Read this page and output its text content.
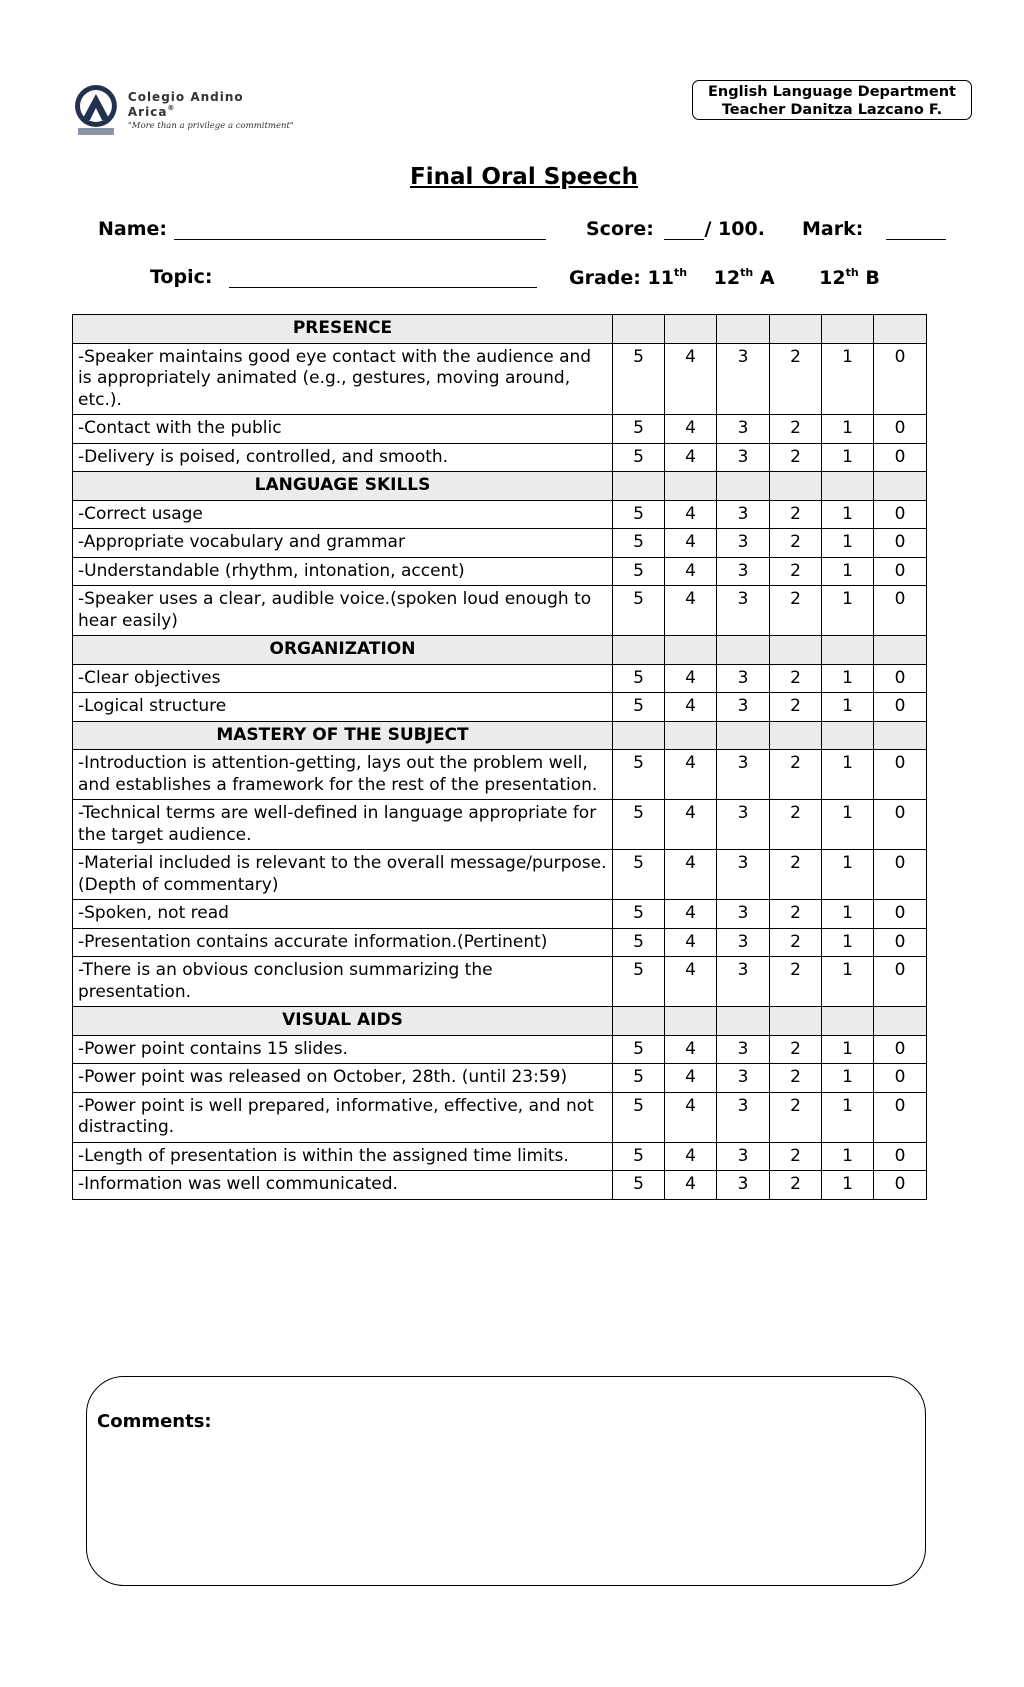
Colegio Andino Arica®
"More than a privilege a commitment"
English Language Department
Teacher Danitza Lazcano F.
Final Oral Speech
Name:	Score:	/ 100. Mark:
Topic:	Grade: 11th 12th A 12th B
PRESENCE						
-Speaker maintains good eye contact with the audience and is appropriately animated (e.g., gestures, moving around, etc.).	5	4	3	2	1	0
-Contact with the public	5	4	3	2	1	0
-Delivery is poised, controlled, and smooth.	5	4	3	2	1	0
LANGUAGE SKILLS						
-Correct usage	5	4	3	2	1	0
-Appropriate vocabulary and grammar	5	4	3	2	1	0
-Understandable (rhythm, intonation, accent)	5	4	3	2	1	0
-Speaker uses a clear, audible voice.(spoken loud enough to hear easily)	5	4	3	2	1	0
ORGANIZATION						
-Clear objectives	5	4	3	2	1	0
-Logical structure	5	4	3	2	1	0
MASTERY OF THE SUBJECT						
-Introduction is attention-getting, lays out the problem well, and establishes a framework for the rest of the presentation.	5	4	3	2	1	0
-Technical terms are well-defined in language appropriate for the target audience.	5	4	3	2	1	0
-Material included is relevant to the overall message/purpose. (Depth of commentary)	5	4	3	2	1	0
-Spoken, not read	5	4	3	2	1	0
-Presentation contains accurate information.(Pertinent)	5	4	3	2	1	0
-There is an obvious conclusion summarizing the presentation.	5	4	3	2	1	0
VISUAL AIDS						
-Power point contains 15 slides.	5	4	3	2	1	0
-Power point was released on October, 28th. (until 23:59)	5	4	3	2	1	0
-Power point is well prepared, informative, effective, and not distracting.	5	4	3	2	1	0
-Length of presentation is within the assigned time limits.	5	4	3	2	1	0
-Information was well communicated.	5	4	3	2	1	0
Comments:
